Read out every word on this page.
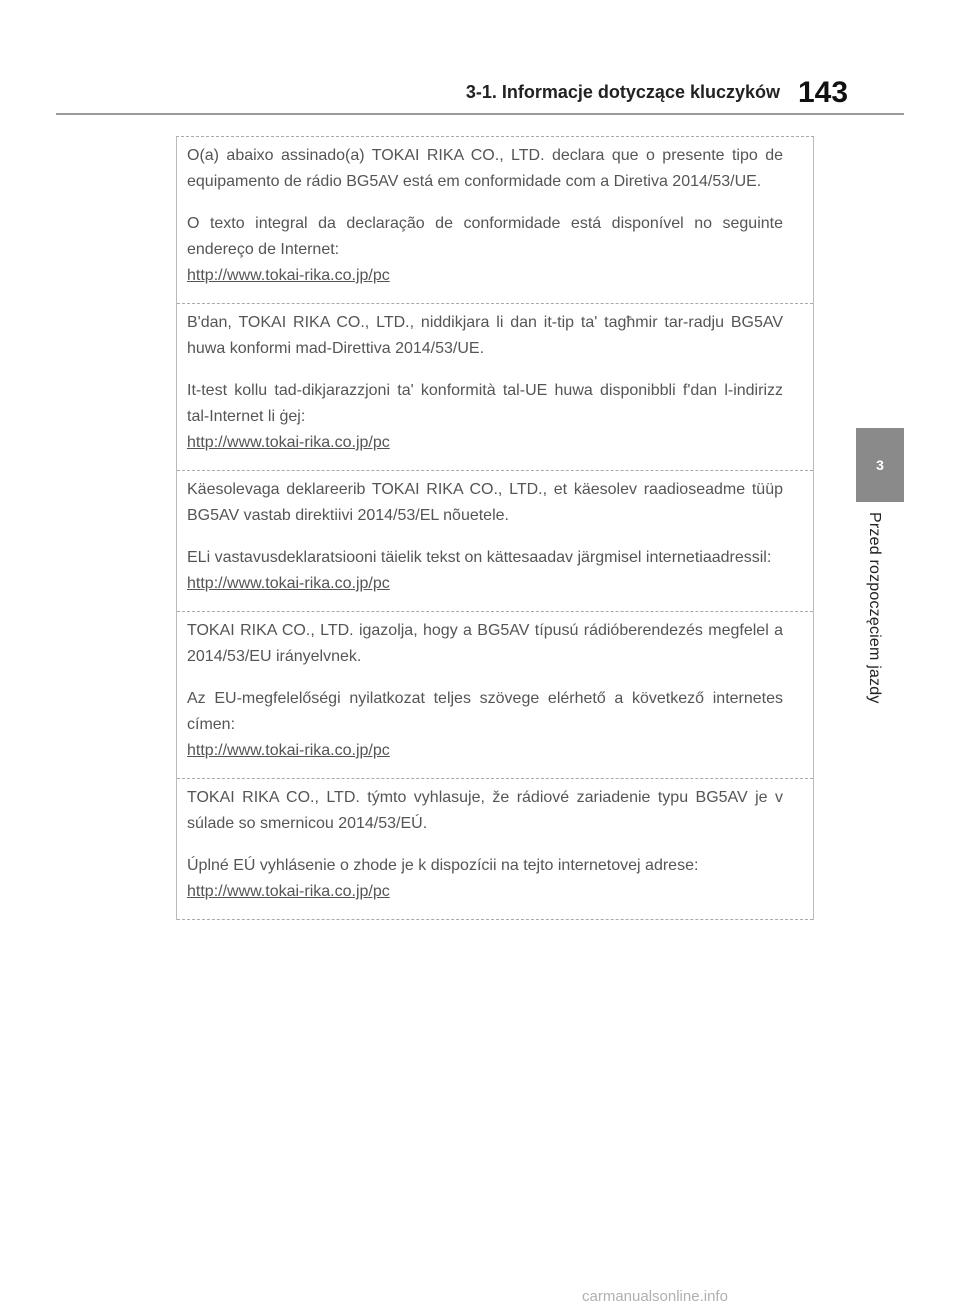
3-1. Informacje dotyczące kluczyków 143
3
Przed rozpoczęciem jazdy

O(a) abaixo assinado(a) TOKAI RIKA CO., LTD. declara que o presente tipo de equipamento de rádio BG5AV está em conformidade com a Diretiva 2014/53/UE.

O texto integral da declaração de conformidade está disponível no seguinte endereço de Internet:

http://www.tokai-rika.co.jp/pc

B'dan, TOKAI RIKA CO., LTD., niddikjara li dan it-tip ta' tagħmir tar-radju BG5AV huwa konformi mad-Direttiva 2014/53/UE.

It-test kollu tad-dikjarazzjoni ta' konformità tal-UE huwa disponibbli f'dan l-indirizz tal-Internet li ġej:

http://www.tokai-rika.co.jp/pc

Käesolevaga deklareerib TOKAI RIKA CO., LTD., et käesolev raadioseadme tüüp BG5AV vastab direktiivi 2014/53/EL nõuetele.

ELi vastavusdeklaratsiooni täielik tekst on kättesaadav järgmisel internetiaadressil:

http://www.tokai-rika.co.jp/pc

TOKAI RIKA CO., LTD. igazolja, hogy a BG5AV típusú rádióberendezés megfelel a 2014/53/EU irányelvnek.

Az EU-megfelelőségi nyilatkozat teljes szövege elérhető a következő internetes címen:

http://www.tokai-rika.co.jp/pc

TOKAI RIKA CO., LTD. týmto vyhlasuje, že rádiové zariadenie typu BG5AV je v súlade so smernicou 2014/53/EÚ.

Úplné EÚ vyhlásenie o zhode je k dispozícii na tejto internetovej adrese:

http://www.tokai-rika.co.jp/pc
carmanualsonline.info
